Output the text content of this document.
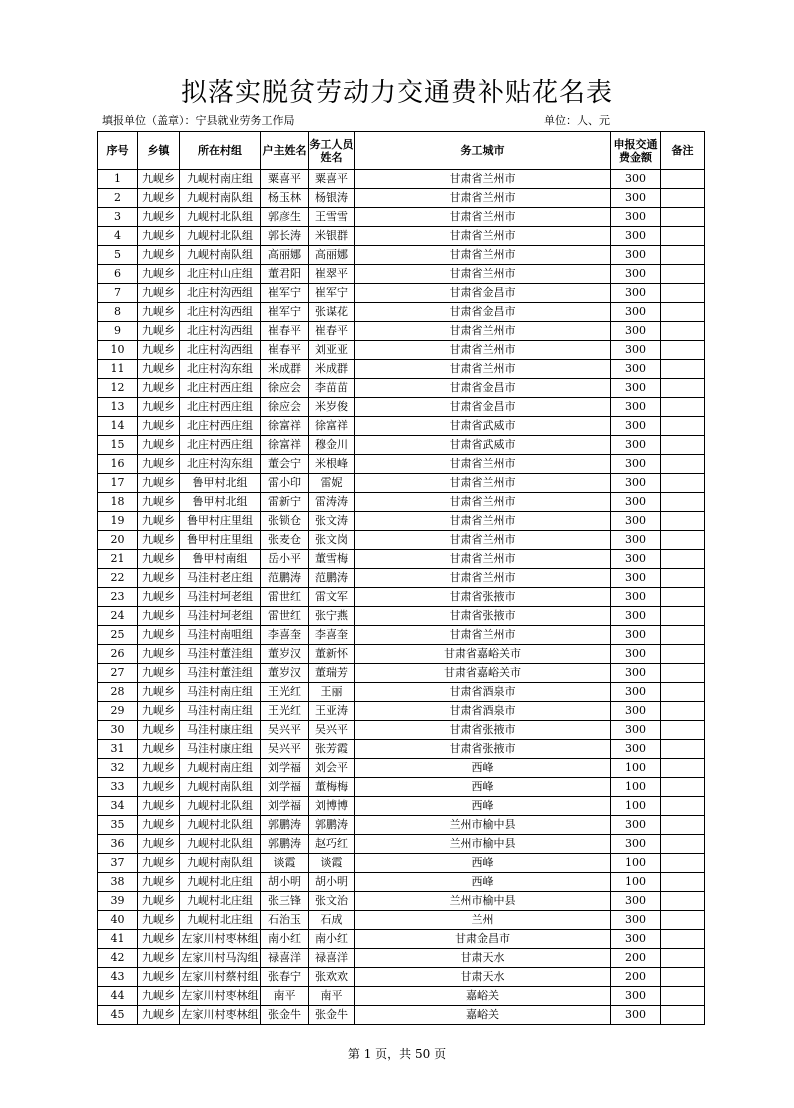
拟落实脱贫劳动力交通费补贴花名表
填报单位（盖章）：宁县就业劳务工作局	单位：人、元
序号	乡镇	所在村组	户主姓名	务工人员姓名	务工城市	申报交通费金额	备注
1	九岘乡	九岘村南庄组	粟喜平	粟喜平	甘肃省兰州市	300	
2	九岘乡	九岘村南队组	杨玉林	杨银涛	甘肃省兰州市	300	
3	九岘乡	九岘村北队组	郭彦生	王雪雪	甘肃省兰州市	300	
4	九岘乡	九岘村北队组	郭长涛	米银群	甘肃省兰州市	300	
5	九岘乡	九岘村南队组	高丽娜	高丽娜	甘肃省兰州市	300	
6	九岘乡	北庄村山庄组	董君阳	崔翠平	甘肃省兰州市	300	
7	九岘乡	北庄村沟西组	崔军宁	崔军宁	甘肃省金昌市	300	
8	九岘乡	北庄村沟西组	崔军宁	张谋花	甘肃省金昌市	300	
9	九岘乡	北庄村沟西组	崔春平	崔春平	甘肃省兰州市	300	
10	九岘乡	北庄村沟西组	崔春平	刘亚亚	甘肃省兰州市	300	
11	九岘乡	北庄村沟东组	米成群	米成群	甘肃省兰州市	300	
12	九岘乡	北庄村西庄组	徐应会	李苗苗	甘肃省金昌市	300	
13	九岘乡	北庄村西庄组	徐应会	米岁俊	甘肃省金昌市	300	
14	九岘乡	北庄村西庄组	徐富祥	徐富祥	甘肃省武威市	300	
15	九岘乡	北庄村西庄组	徐富祥	穆金川	甘肃省武威市	300	
16	九岘乡	北庄村沟东组	董会宁	米根峰	甘肃省兰州市	300	
17	九岘乡	鲁甲村北组	雷小印	雷妮	甘肃省兰州市	300	
18	九岘乡	鲁甲村北组	雷新宁	雷涛涛	甘肃省兰州市	300	
19	九岘乡	鲁甲村庄里组	张锁仓	张文涛	甘肃省兰州市	300	
20	九岘乡	鲁甲村庄里组	张麦仓	张文岗	甘肃省兰州市	300	
21	九岘乡	鲁甲村南组	岳小平	董雪梅	甘肃省兰州市	300	
22	九岘乡	马洼村老庄组	范鹏涛	范鹏涛	甘肃省兰州市	300	
23	九岘乡	马洼村坷老组	雷世红	雷文军	甘肃省张掖市	300	
24	九岘乡	马洼村坷老组	雷世红	张宁燕	甘肃省张掖市	300	
25	九岘乡	马洼村南咀组	李喜奎	李喜奎	甘肃省兰州市	300	
26	九岘乡	马洼村董洼组	董岁汉	董新怀	甘肃省嘉峪关市	300	
27	九岘乡	马洼村董洼组	董岁汉	董瑞芳	甘肃省嘉峪关市	300	
28	九岘乡	马洼村南庄组	王光红	王丽	甘肃省酒泉市	300	
29	九岘乡	马洼村南庄组	王光红	王亚涛	甘肃省酒泉市	300	
30	九岘乡	马洼村康庄组	吴兴平	吴兴平	甘肃省张掖市	300	
31	九岘乡	马洼村康庄组	吴兴平	张芳霞	甘肃省张掖市	300	
32	九岘乡	九岘村南庄组	刘学福	刘会平	西峰	100	
33	九岘乡	九岘村南队组	刘学福	董梅梅	西峰	100	
34	九岘乡	九岘村北队组	刘学福	刘博博	西峰	100	
35	九岘乡	九岘村北队组	郭鹏涛	郭鹏涛	兰州市榆中县	300	
36	九岘乡	九岘村北队组	郭鹏涛	赵巧红	兰州市榆中县	300	
37	九岘乡	九岘村南队组	谈霞	谈霞	西峰	100	
38	九岘乡	九岘村北庄组	胡小明	胡小明	西峰	100	
39	九岘乡	九岘村北庄组	张三锋	张文治	兰州市榆中县	300	
40	九岘乡	九岘村北庄组	石治玉	石成	兰州	300	
41	九岘乡	左家川村枣林组	南小红	南小红	甘肃金昌市	300	
42	九岘乡	左家川村马沟组	禄喜洋	禄喜洋	甘肃天水	200	
43	九岘乡	左家川村蔡村组	张春宁	张欢欢	甘肃天水	200	
44	九岘乡	左家川村枣林组	南平	南平	嘉峪关	300	
45	九岘乡	左家川村枣林组	张金牛	张金牛	嘉峪关	300	
第 1 页，共 50 页
